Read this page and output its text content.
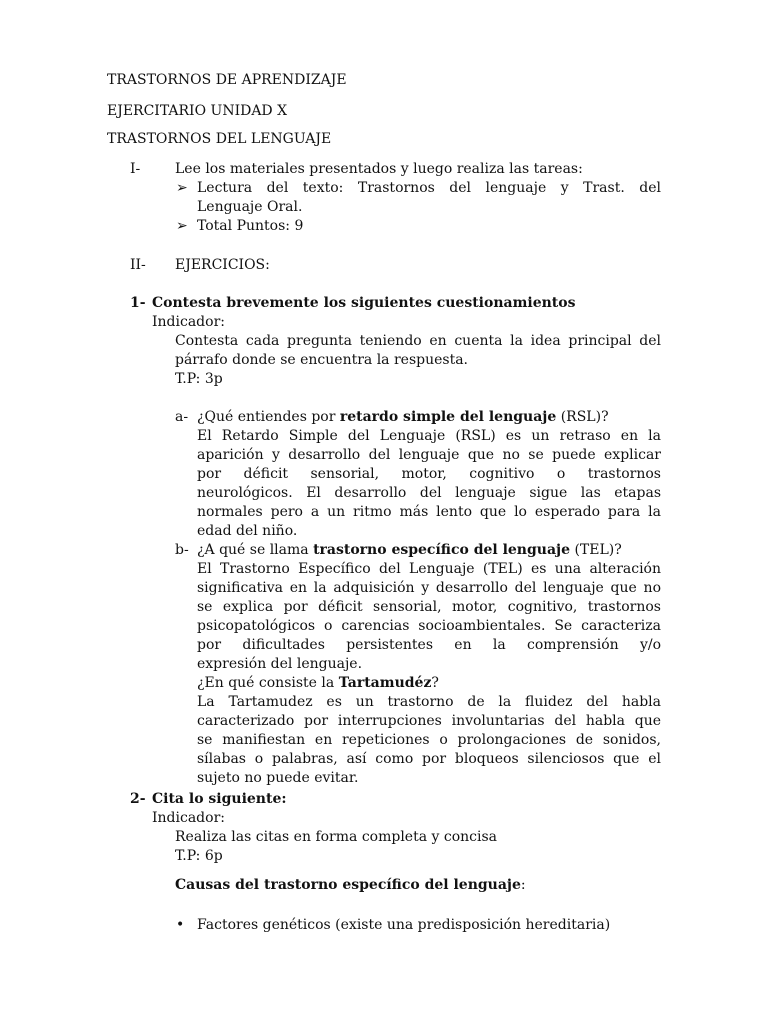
TRASTORNOS DE APRENDIZAJE
EJERCITARIO UNIDAD X
TRASTORNOS DEL LENGUAJE
I- Lee los materiales presentados y luego realiza las tareas:
➢ Lectura del texto: Trastornos del lenguaje y Trast. del
Lenguaje Oral.
➢ Total Puntos: 9
II- EJERCICIOS:
1- Contesta brevemente los siguientes cuestionamientos
Indicador:
Contesta cada pregunta teniendo en cuenta la idea principal del
párrafo donde se encuentra la respuesta.
T.P: 3p
a- ¿Qué entiendes por retardo simple del lenguaje (RSL)?
El Retardo Simple del Lenguaje (RSL) es un retraso en la
aparición y desarrollo del lenguaje que no se puede explicar
por déficit sensorial, motor, cognitivo o trastornos
neurológicos. El desarrollo del lenguaje sigue las etapas
normales pero a un ritmo más lento que lo esperado para la
edad del niño.
b- ¿A qué se llama trastorno específico del lenguaje (TEL)?
El Trastorno Específico del Lenguaje (TEL) es una alteración
significativa en la adquisición y desarrollo del lenguaje que no
se explica por déficit sensorial, motor, cognitivo, trastornos
psicopatológicos o carencias socioambientales. Se caracteriza
por dificultades persistentes en la comprensión y/o
expresión del lenguaje.
¿En qué consiste la Tartamudéz?
La Tartamudez es un trastorno de la fluidez del habla
caracterizado por interrupciones involuntarias del habla que
se manifiestan en repeticiones o prolongaciones de sonidos,
sílabas o palabras, así como por bloqueos silenciosos que el
sujeto no puede evitar.
2- Cita lo siguiente:
Indicador:
Realiza las citas en forma completa y concisa
T.P: 6p
Causas del trastorno específico del lenguaje:
• Factores genéticos (existe una predisposición hereditaria)
